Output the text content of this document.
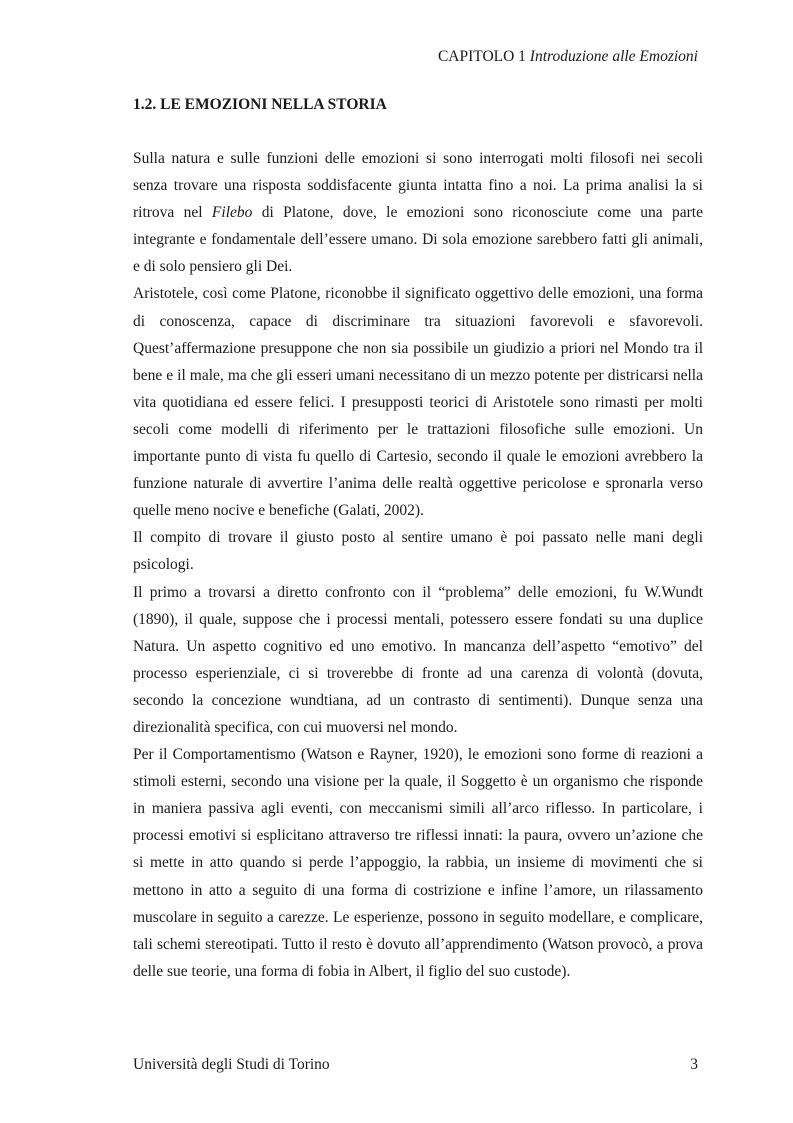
CAPITOLO 1 Introduzione alle Emozioni
1.2. LE EMOZIONI NELLA STORIA

Sulla natura e sulle funzioni delle emozioni si sono interrogati molti filosofi nei secoli senza trovare una risposta soddisfacente giunta intatta fino a noi. La prima analisi la si ritrova nel Filebo di Platone, dove, le emozioni sono riconosciute come una parte integrante e fondamentale dell’essere umano. Di sola emozione sarebbero fatti gli animali, e di solo pensiero gli Dei.

Aristotele, così come Platone, riconobbe il significato oggettivo delle emozioni, una forma di conoscenza, capace di discriminare tra situazioni favorevoli e sfavorevoli. Quest’affermazione presuppone che non sia possibile un giudizio a priori nel Mondo tra il bene e il male, ma che gli esseri umani necessitano di un mezzo potente per districarsi nella vita quotidiana ed essere felici. I presupposti teorici di Aristotele sono rimasti per molti secoli come modelli di riferimento per le trattazioni filosofiche sulle emozioni. Un importante punto di vista fu quello di Cartesio, secondo il quale le emozioni avrebbero la funzione naturale di avvertire l’anima delle realtà oggettive pericolose e spronarla verso quelle meno nocive e benefiche (Galati, 2002).

Il compito di trovare il giusto posto al sentire umano è poi passato nelle mani degli psicologi.

Il primo a trovarsi a diretto confronto con il “problema” delle emozioni, fu W.Wundt (1890), il quale, suppose che i processi mentali, potessero essere fondati su una duplice Natura. Un aspetto cognitivo ed uno emotivo. In mancanza dell’aspetto “emotivo” del processo esperienziale, ci si troverebbe di fronte ad una carenza di volontà (dovuta, secondo la concezione wundtiana, ad un contrasto di sentimenti). Dunque senza una direzionalità specifica, con cui muoversi nel mondo.

Per il Comportamentismo (Watson e Rayner, 1920), le emozioni sono forme di reazioni a stimoli esterni, secondo una visione per la quale, il Soggetto è un organismo che risponde in maniera passiva agli eventi, con meccanismi simili all’arco riflesso. In particolare, i processi emotivi si esplicitano attraverso tre riflessi innati: la paura, ovvero un’azione che si mette in atto quando si perde l’appoggio, la rabbia, un insieme di movimenti che si mettono in atto a seguito di una forma di costrizione e infine l’amore, un rilassamento muscolare in seguito a carezze. Le esperienze, possono in seguito modellare, e complicare, tali schemi stereotipati. Tutto il resto è dovuto all’apprendimento (Watson provocò, a prova delle sue teorie, una forma di fobia in Albert, il figlio del suo custode).

Università degli Studi di Torino	3
